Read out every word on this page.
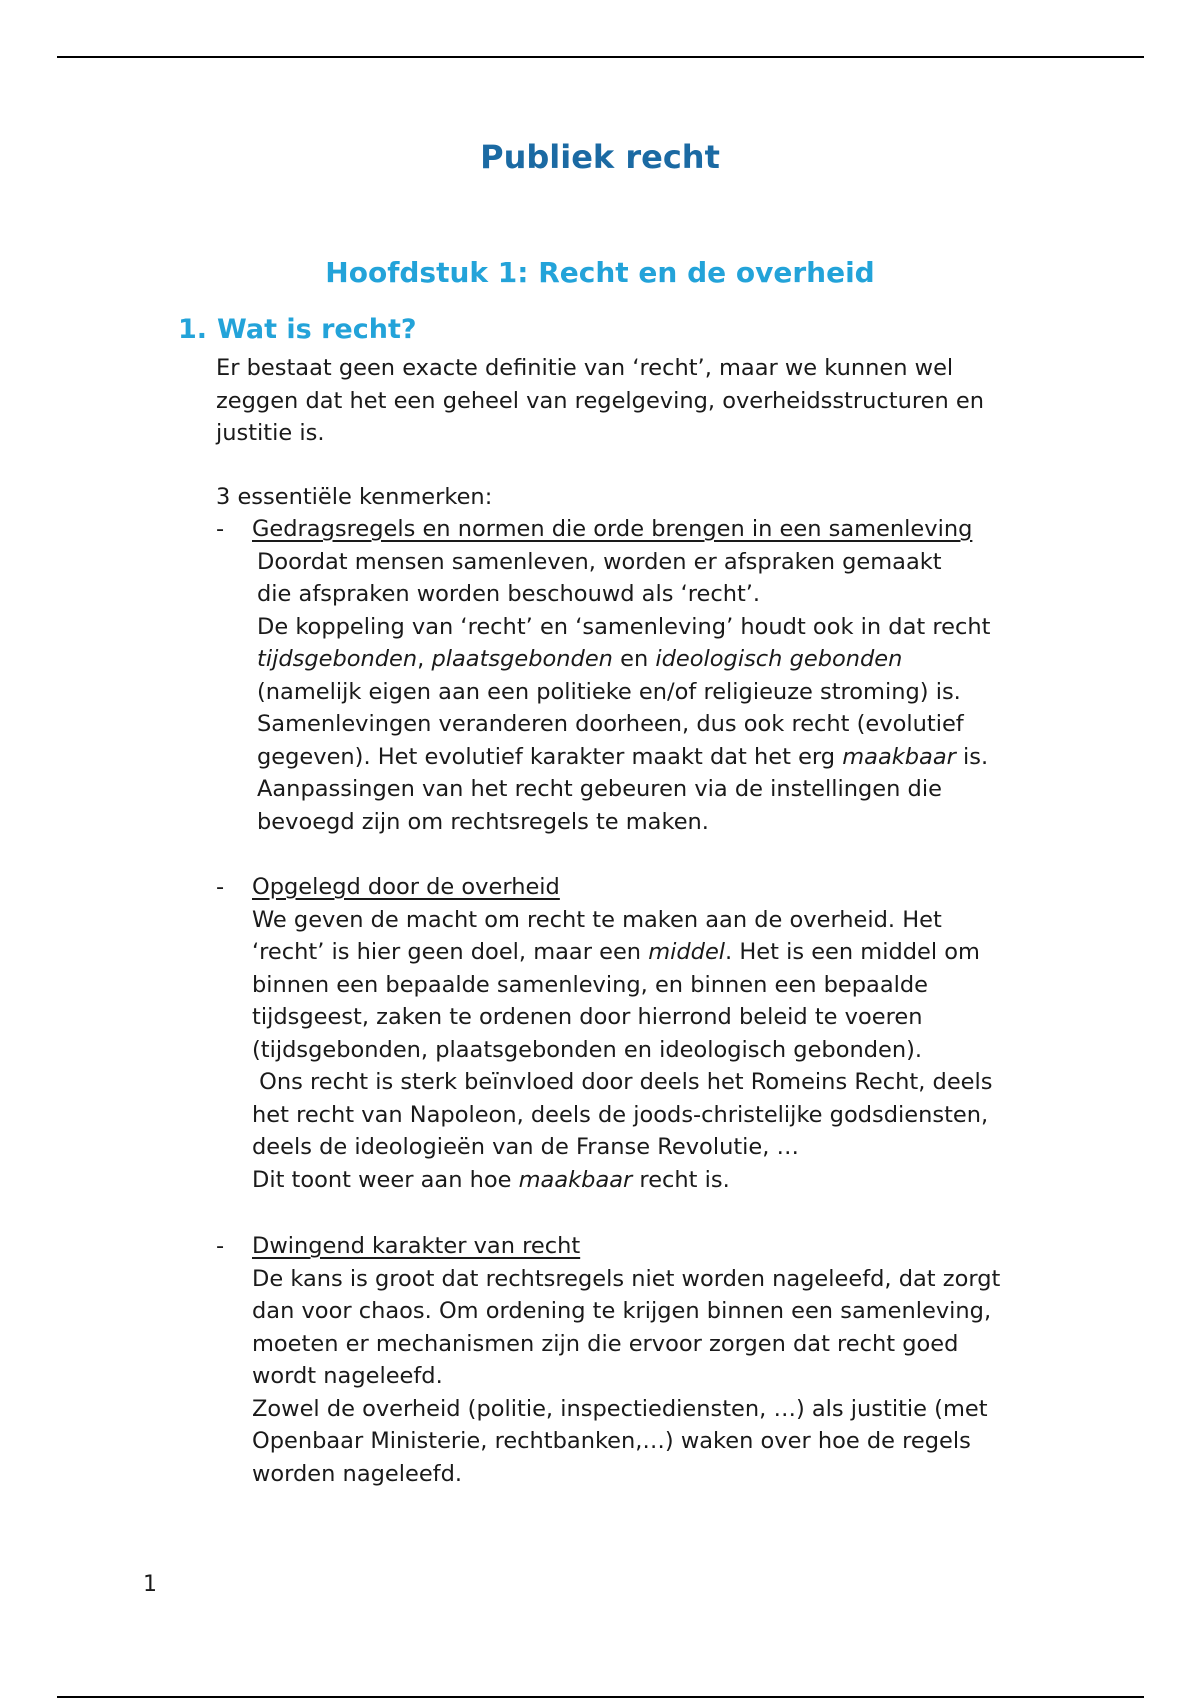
Publiek recht
Hoofdstuk 1: Recht en de overheid
1. Wat is recht?

Er bestaat geen exacte definitie van ‘recht’, maar we kunnen wel
zeggen dat het een geheel van regelgeving, overheidsstructuren en
justitie is.

3 essentiële kenmerken:

- Gedragsregels en normen die orde brengen in een samenleving
Doordat mensen samenleven, worden er afspraken gemaakt
die afspraken worden beschouwd als ‘recht’.
De koppeling van ‘recht’ en ‘samenleving’ houdt ook in dat recht
tijdsgebonden, plaatsgebonden en ideologisch gebonden
(namelijk eigen aan een politieke en/of religieuze stroming) is.
Samenlevingen veranderen doorheen, dus ook recht (evolutief
gegeven). Het evolutief karakter maakt dat het erg maakbaar is.
Aanpassingen van het recht gebeuren via de instellingen die
bevoegd zijn om rechtsregels te maken.
- Opgelegd door de overheid
We geven de macht om recht te maken aan de overheid. Het
‘recht’ is hier geen doel, maar een middel. Het is een middel om
binnen een bepaalde samenleving, en binnen een bepaalde
tijdsgeest, zaken te ordenen door hierrond beleid te voeren
(tijdsgebonden, plaatsgebonden en ideologisch gebonden).
Ons recht is sterk beïnvloed door deels het Romeins Recht, deels
het recht van Napoleon, deels de joods-christelijke godsdiensten,
deels de ideologieën van de Franse Revolutie, …
Dit toont weer aan hoe maakbaar recht is.
- Dwingend karakter van recht
De kans is groot dat rechtsregels niet worden nageleefd, dat zorgt
dan voor chaos. Om ordening te krijgen binnen een samenleving,
moeten er mechanismen zijn die ervoor zorgen dat recht goed
wordt nageleefd.
Zowel de overheid (politie, inspectiediensten, …) als justitie (met
Openbaar Ministerie, rechtbanken,…) waken over hoe de regels
worden nageleefd.
1
